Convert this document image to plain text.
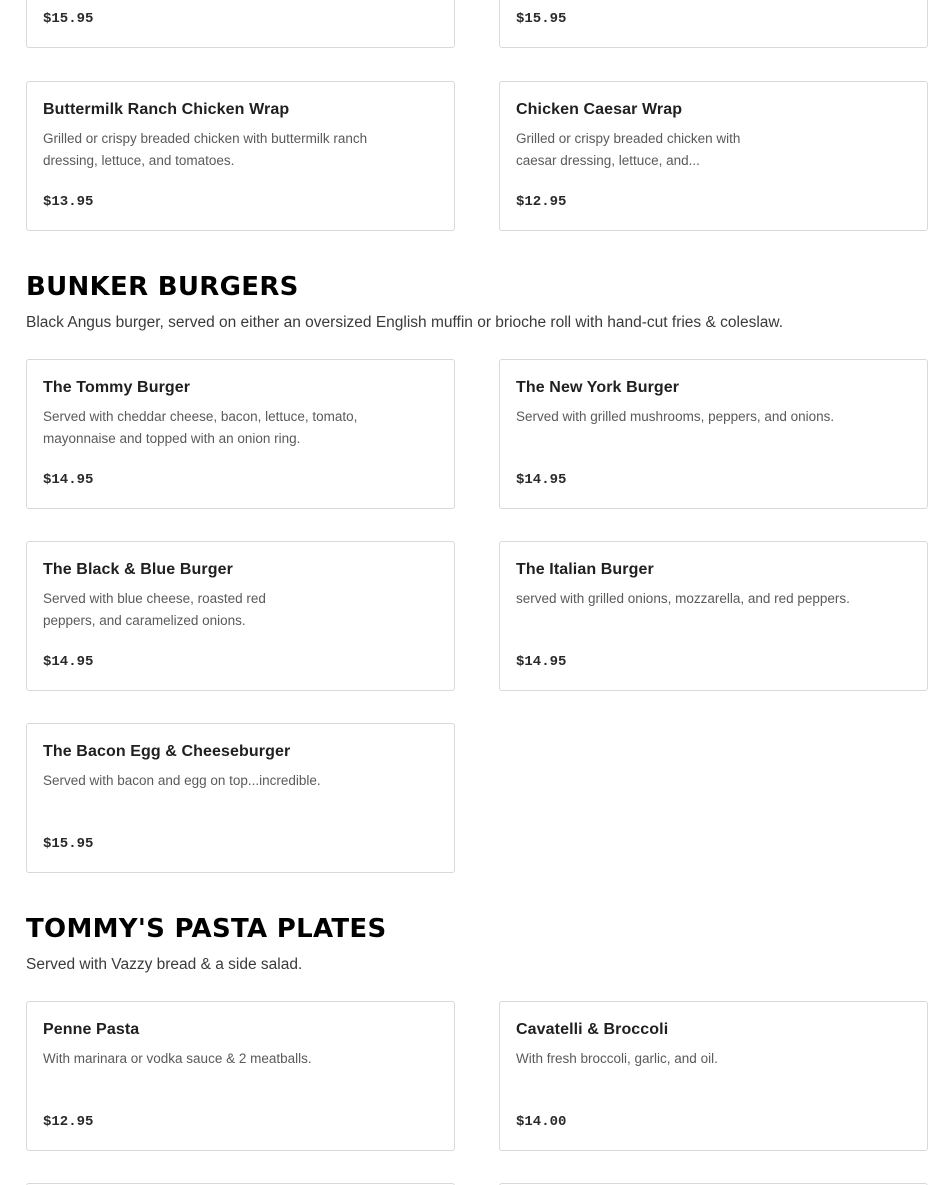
$15.95	$15.95
Buttermilk Ranch Chicken Wrap
Grilled or crispy breaded chicken with buttermilk ranch
dressing, lettuce, and tomatoes.
$13.95
Chicken Caesar Wrap
Grilled or crispy breaded chicken with
caesar dressing, lettuce, and...
$12.95
BUNKER BURGERS

Black Angus burger, served on either an oversized English muffin or brioche roll with hand-cut fries & coleslaw.

The Tommy Burger
Served with cheddar cheese, bacon, lettuce, tomato,
mayonnaise and topped with an onion ring.
$14.95
The New York Burger
Served with grilled mushrooms, peppers, and onions.
$14.95
The Black & Blue Burger
Served with blue cheese, roasted red
peppers, and caramelized onions.
$14.95
The Italian Burger
served with grilled onions, mozzarella, and red peppers.
$14.95
The Bacon Egg & Cheeseburger
Served with bacon and egg on top...incredible.
$15.95
TOMMY'S PASTA PLATES

Served with Vazzy bread & a side salad.

Penne Pasta
With marinara or vodka sauce & 2 meatballs.
$12.95
Cavatelli & Broccoli
With fresh broccoli, garlic, and oil.
$14.00
